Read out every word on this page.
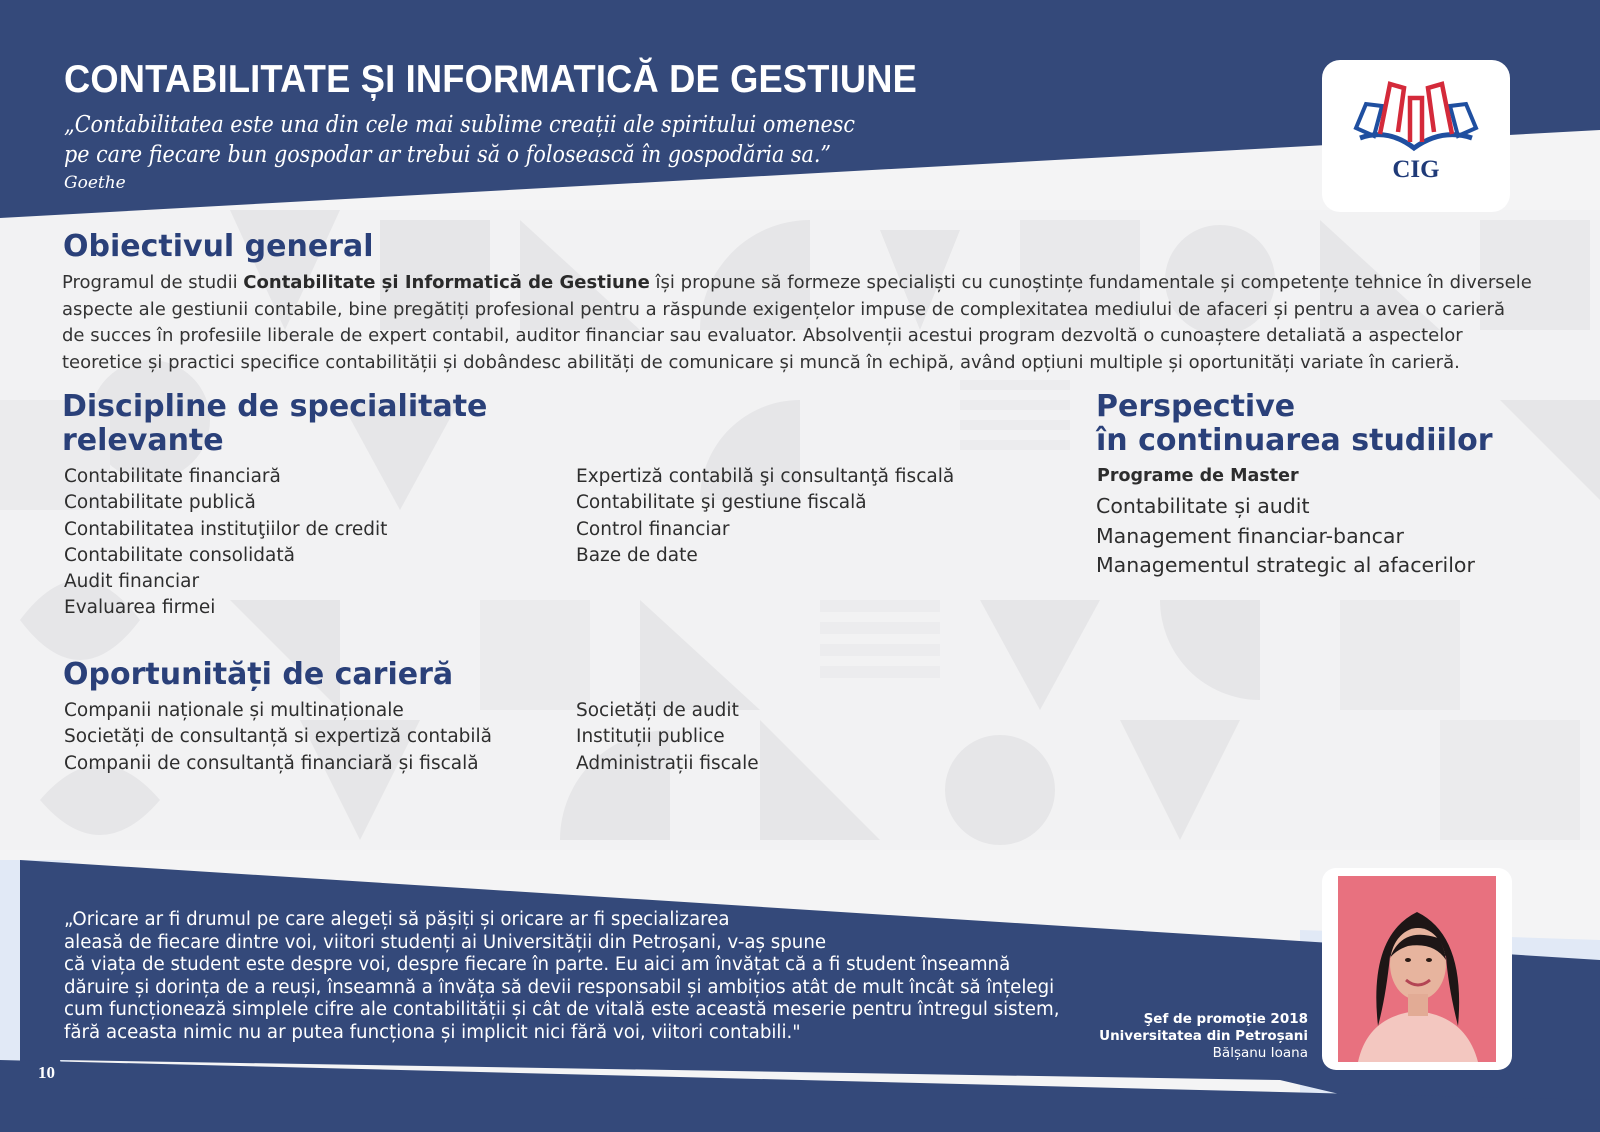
CONTABILITATE ȘI INFORMATICĂ DE GESTIUNE
„Contabilitatea este una din cele mai sublime creații ale spiritului omenesc
pe care fiecare bun gospodar ar trebui să o folosească în gospodăria sa.”
Goethe	CIG
Obiectivul general
Programul de studii Contabilitate și Informatică de Gestiune își propune să formeze specialiști cu cunoștințe fundamentale și competențe tehnice în diversele aspecte ale gestiunii contabile, bine pregătiți profesional pentru a răspunde exigențelor impuse de complexitatea mediului de afaceri și pentru a avea o carieră de succes în profesiile liberale de expert contabil, auditor financiar sau evaluator. Absolvenții acestui program dezvoltă o cunoaștere detaliată a aspectelor teoretice și practici specifice contabilității și dobândesc abilități de comunicare și muncă în echipă, având opțiuni multiple și oportunități variate în carieră.
Discipline de specialitate
relevante
Contabilitate financiară
Contabilitate publică
Contabilitatea instituţiilor de credit
Contabilitate consolidată
Audit financiar
Evaluarea firmei
Expertiză contabilă şi consultanţă fiscală
Contabilitate şi gestiune fiscală
Control financiar
Baze de date
Perspective
în continuarea studiilor
Programe de Master
Contabilitate și audit
Management financiar-bancar
Managementul strategic al afacerilor
Oportunități de carieră
Companii naționale și multinaționale
Societăți de consultanță si expertiză contabilă
Companii de consultanță financiară și fiscală
Societăți de audit
Instituții publice
Administrații fiscale
„Oricare ar fi drumul pe care alegeți să pășiți și oricare ar fi specializarea
aleasă de fiecare dintre voi, viitori studenți ai Universității din Petroșani, v-aș spune
că viața de student este despre voi, despre fiecare în parte. Eu aici am învățat că a fi student înseamnă
dăruire și dorința de a reuși, înseamnă a învăța să devii responsabil și ambițios atât de mult încât să înțelegi
cum funcționează simplele cifre ale contabilității și cât de vitală este această meserie pentru întregul sistem,
fără aceasta nimic nu ar putea funcționa și implicit nici fără voi, viitori contabili."
Şef de promoție 2018
Universitatea din Petroșani
Bălșanu Ioana
10
